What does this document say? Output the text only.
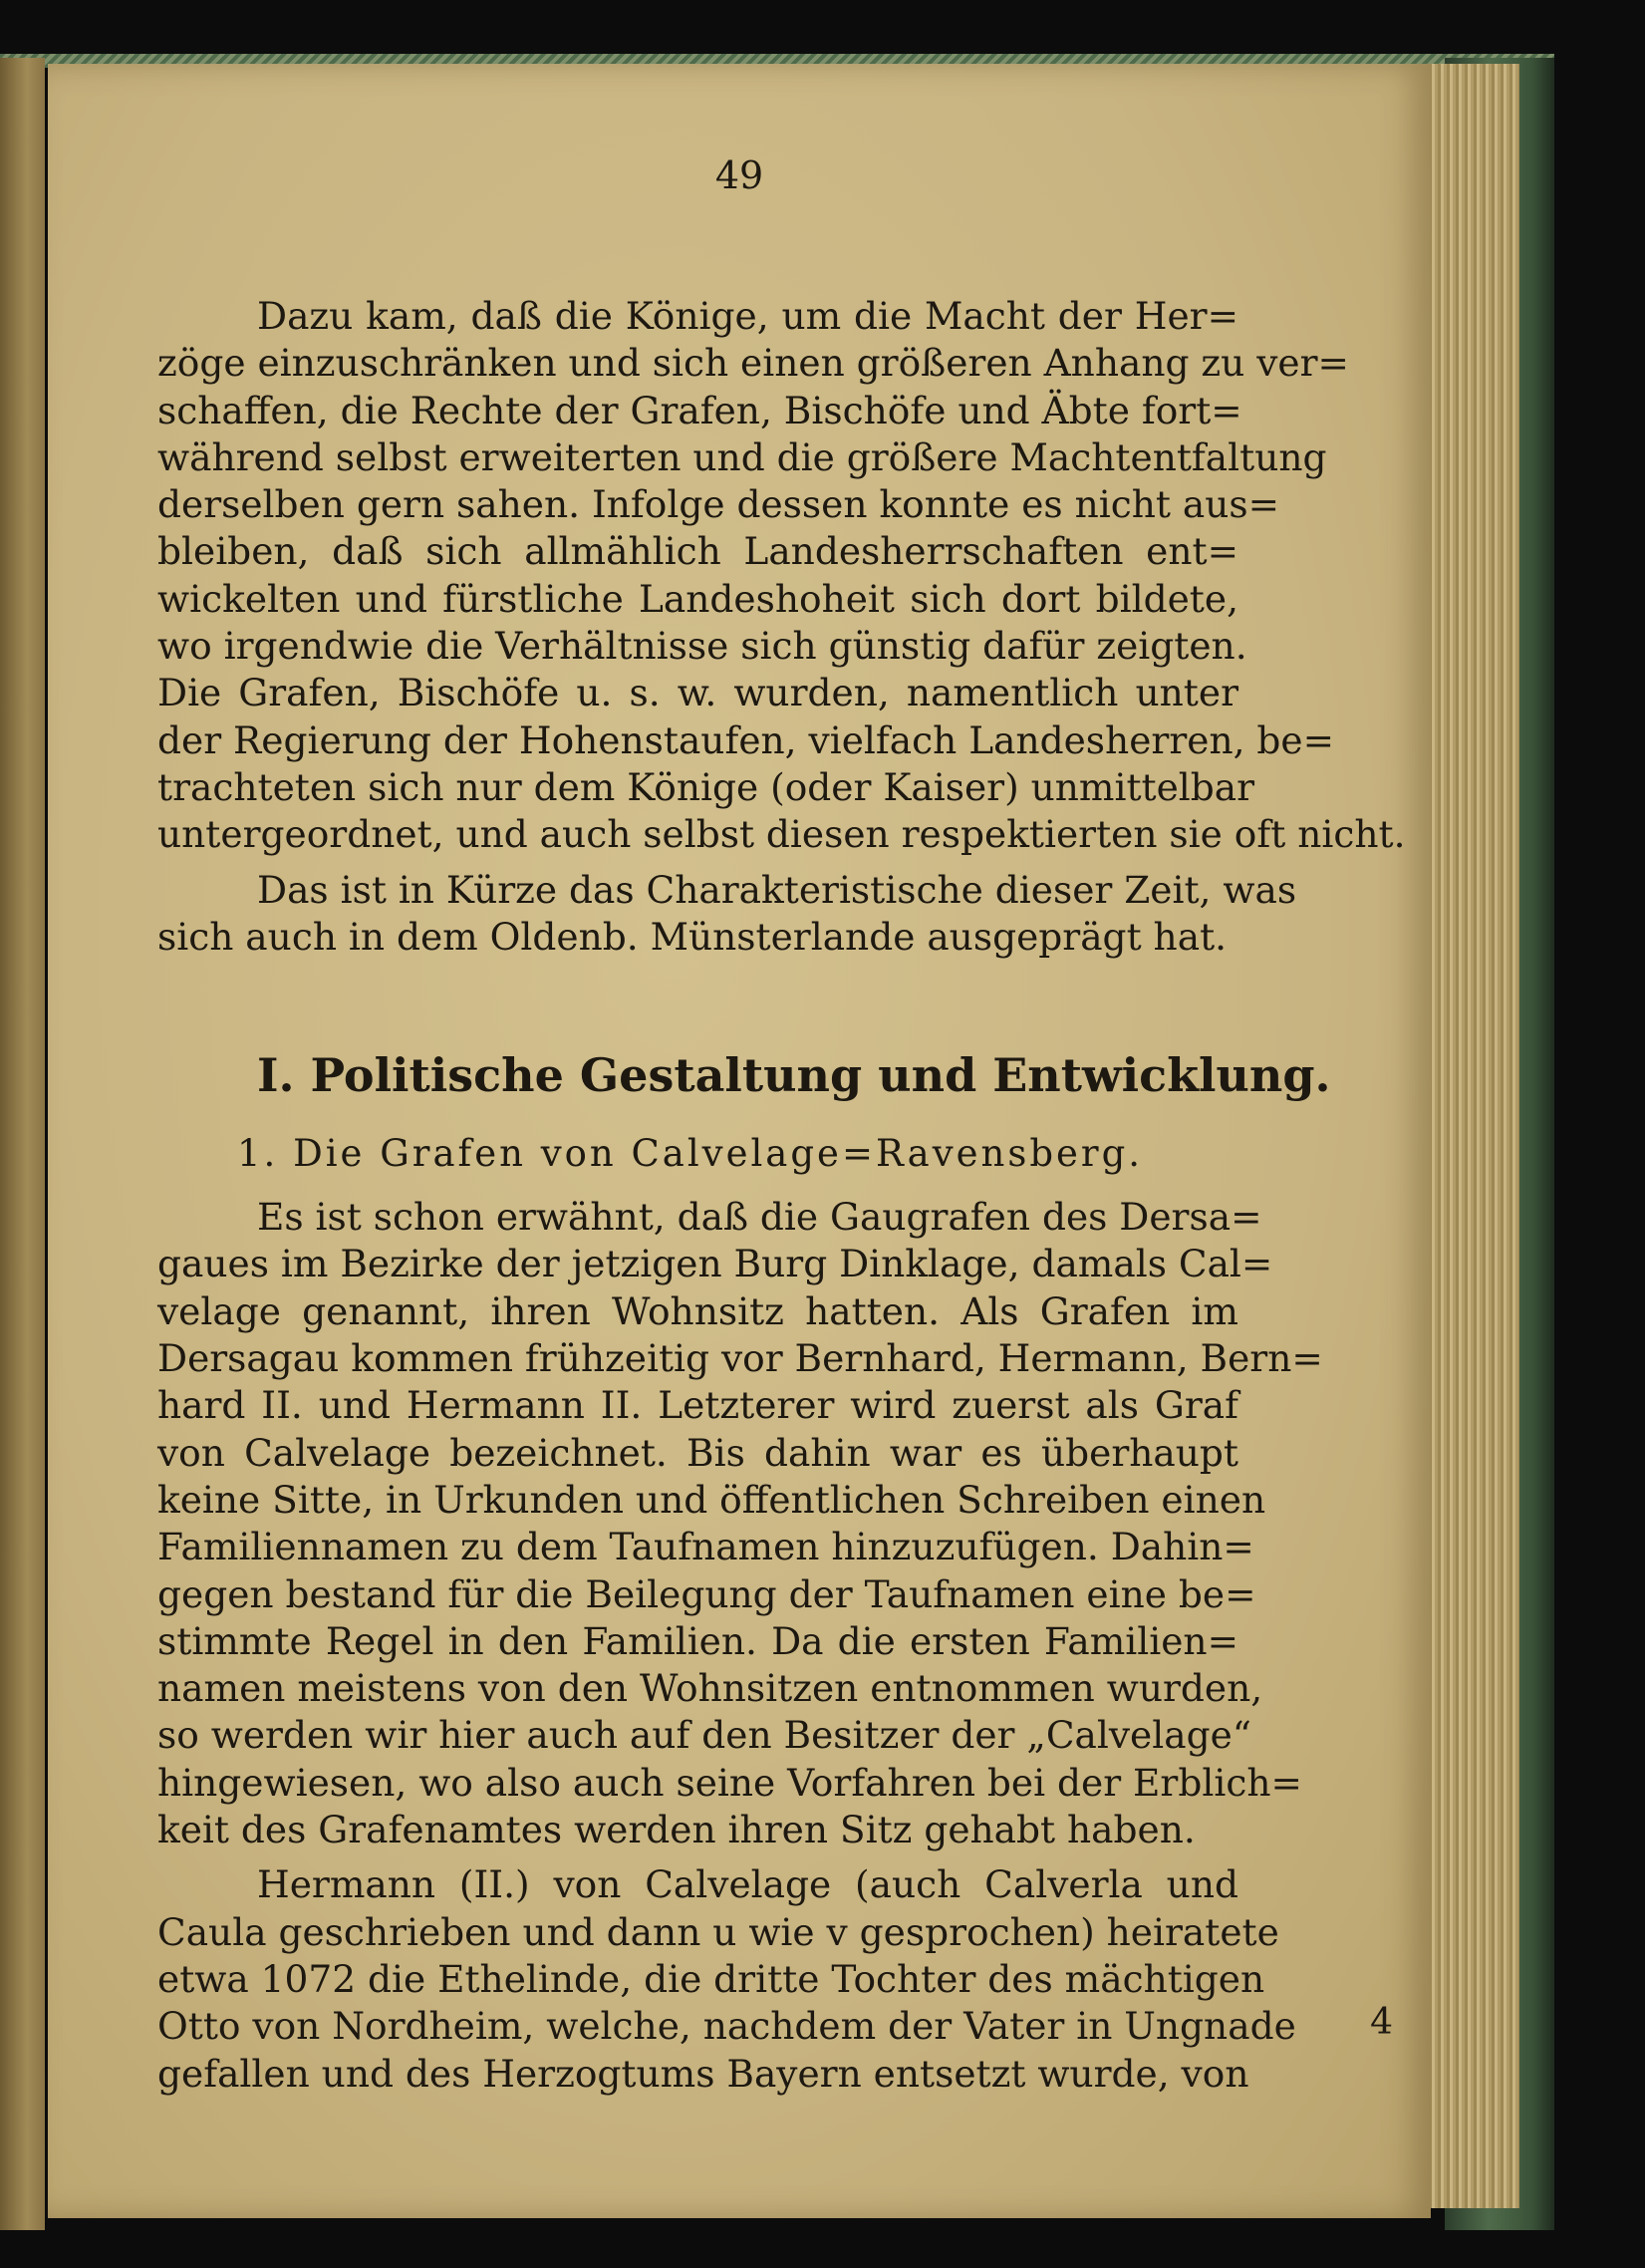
49
Dazu kam, daß die Könige, um die Macht der Her=
zöge einzuschränken und sich einen größeren Anhang zu ver=
schaffen, die Rechte der Grafen, Bischöfe und Äbte fort=
während selbst erweiterten und die größere Machtentfaltung
derselben gern sahen. Infolge dessen konnte es nicht aus=
bleiben, daß sich allmählich Landesherrschaften ent=
wickelten und fürstliche Landeshoheit sich dort bildete,
wo irgendwie die Verhältnisse sich günstig dafür zeigten.
Die Grafen, Bischöfe u. s. w. wurden, namentlich unter
der Regierung der Hohenstaufen, vielfach Landesherren, be=
trachteten sich nur dem Könige (oder Kaiser) unmittelbar
untergeordnet, und auch selbst diesen respektierten sie oft nicht.
Das ist in Kürze das Charakteristische dieser Zeit, was
sich auch in dem Oldenb. Münsterlande ausgeprägt hat.
I. Politische Gestaltung und Entwicklung.
1. Die Grafen von Calvelage=Ravensberg.
Es ist schon erwähnt, daß die Gaugrafen des Dersa=
gaues im Bezirke der jetzigen Burg Dinklage, damals Cal=
velage genannt, ihren Wohnsitz hatten. Als Grafen im
Dersagau kommen frühzeitig vor Bernhard, Hermann, Bern=
hard II. und Hermann II. Letzterer wird zuerst als Graf
von Calvelage bezeichnet. Bis dahin war es überhaupt
keine Sitte, in Urkunden und öffentlichen Schreiben einen
Familiennamen zu dem Taufnamen hinzuzufügen. Dahin=
gegen bestand für die Beilegung der Taufnamen eine be=
stimmte Regel in den Familien. Da die ersten Familien=
namen meistens von den Wohnsitzen entnommen wurden,
so werden wir hier auch auf den Besitzer der „Calvelage“
hingewiesen, wo also auch seine Vorfahren bei der Erblich=
keit des Grafenamtes werden ihren Sitz gehabt haben.
Hermann (II.) von Calvelage (auch Calverla und
Caula geschrieben und dann u wie v gesprochen) heiratete
etwa 1072 die Ethelinde, die dritte Tochter des mächtigen
Otto von Nordheim, welche, nachdem der Vater in Ungnade
gefallen und des Herzogtums Bayern entsetzt wurde, von
4
